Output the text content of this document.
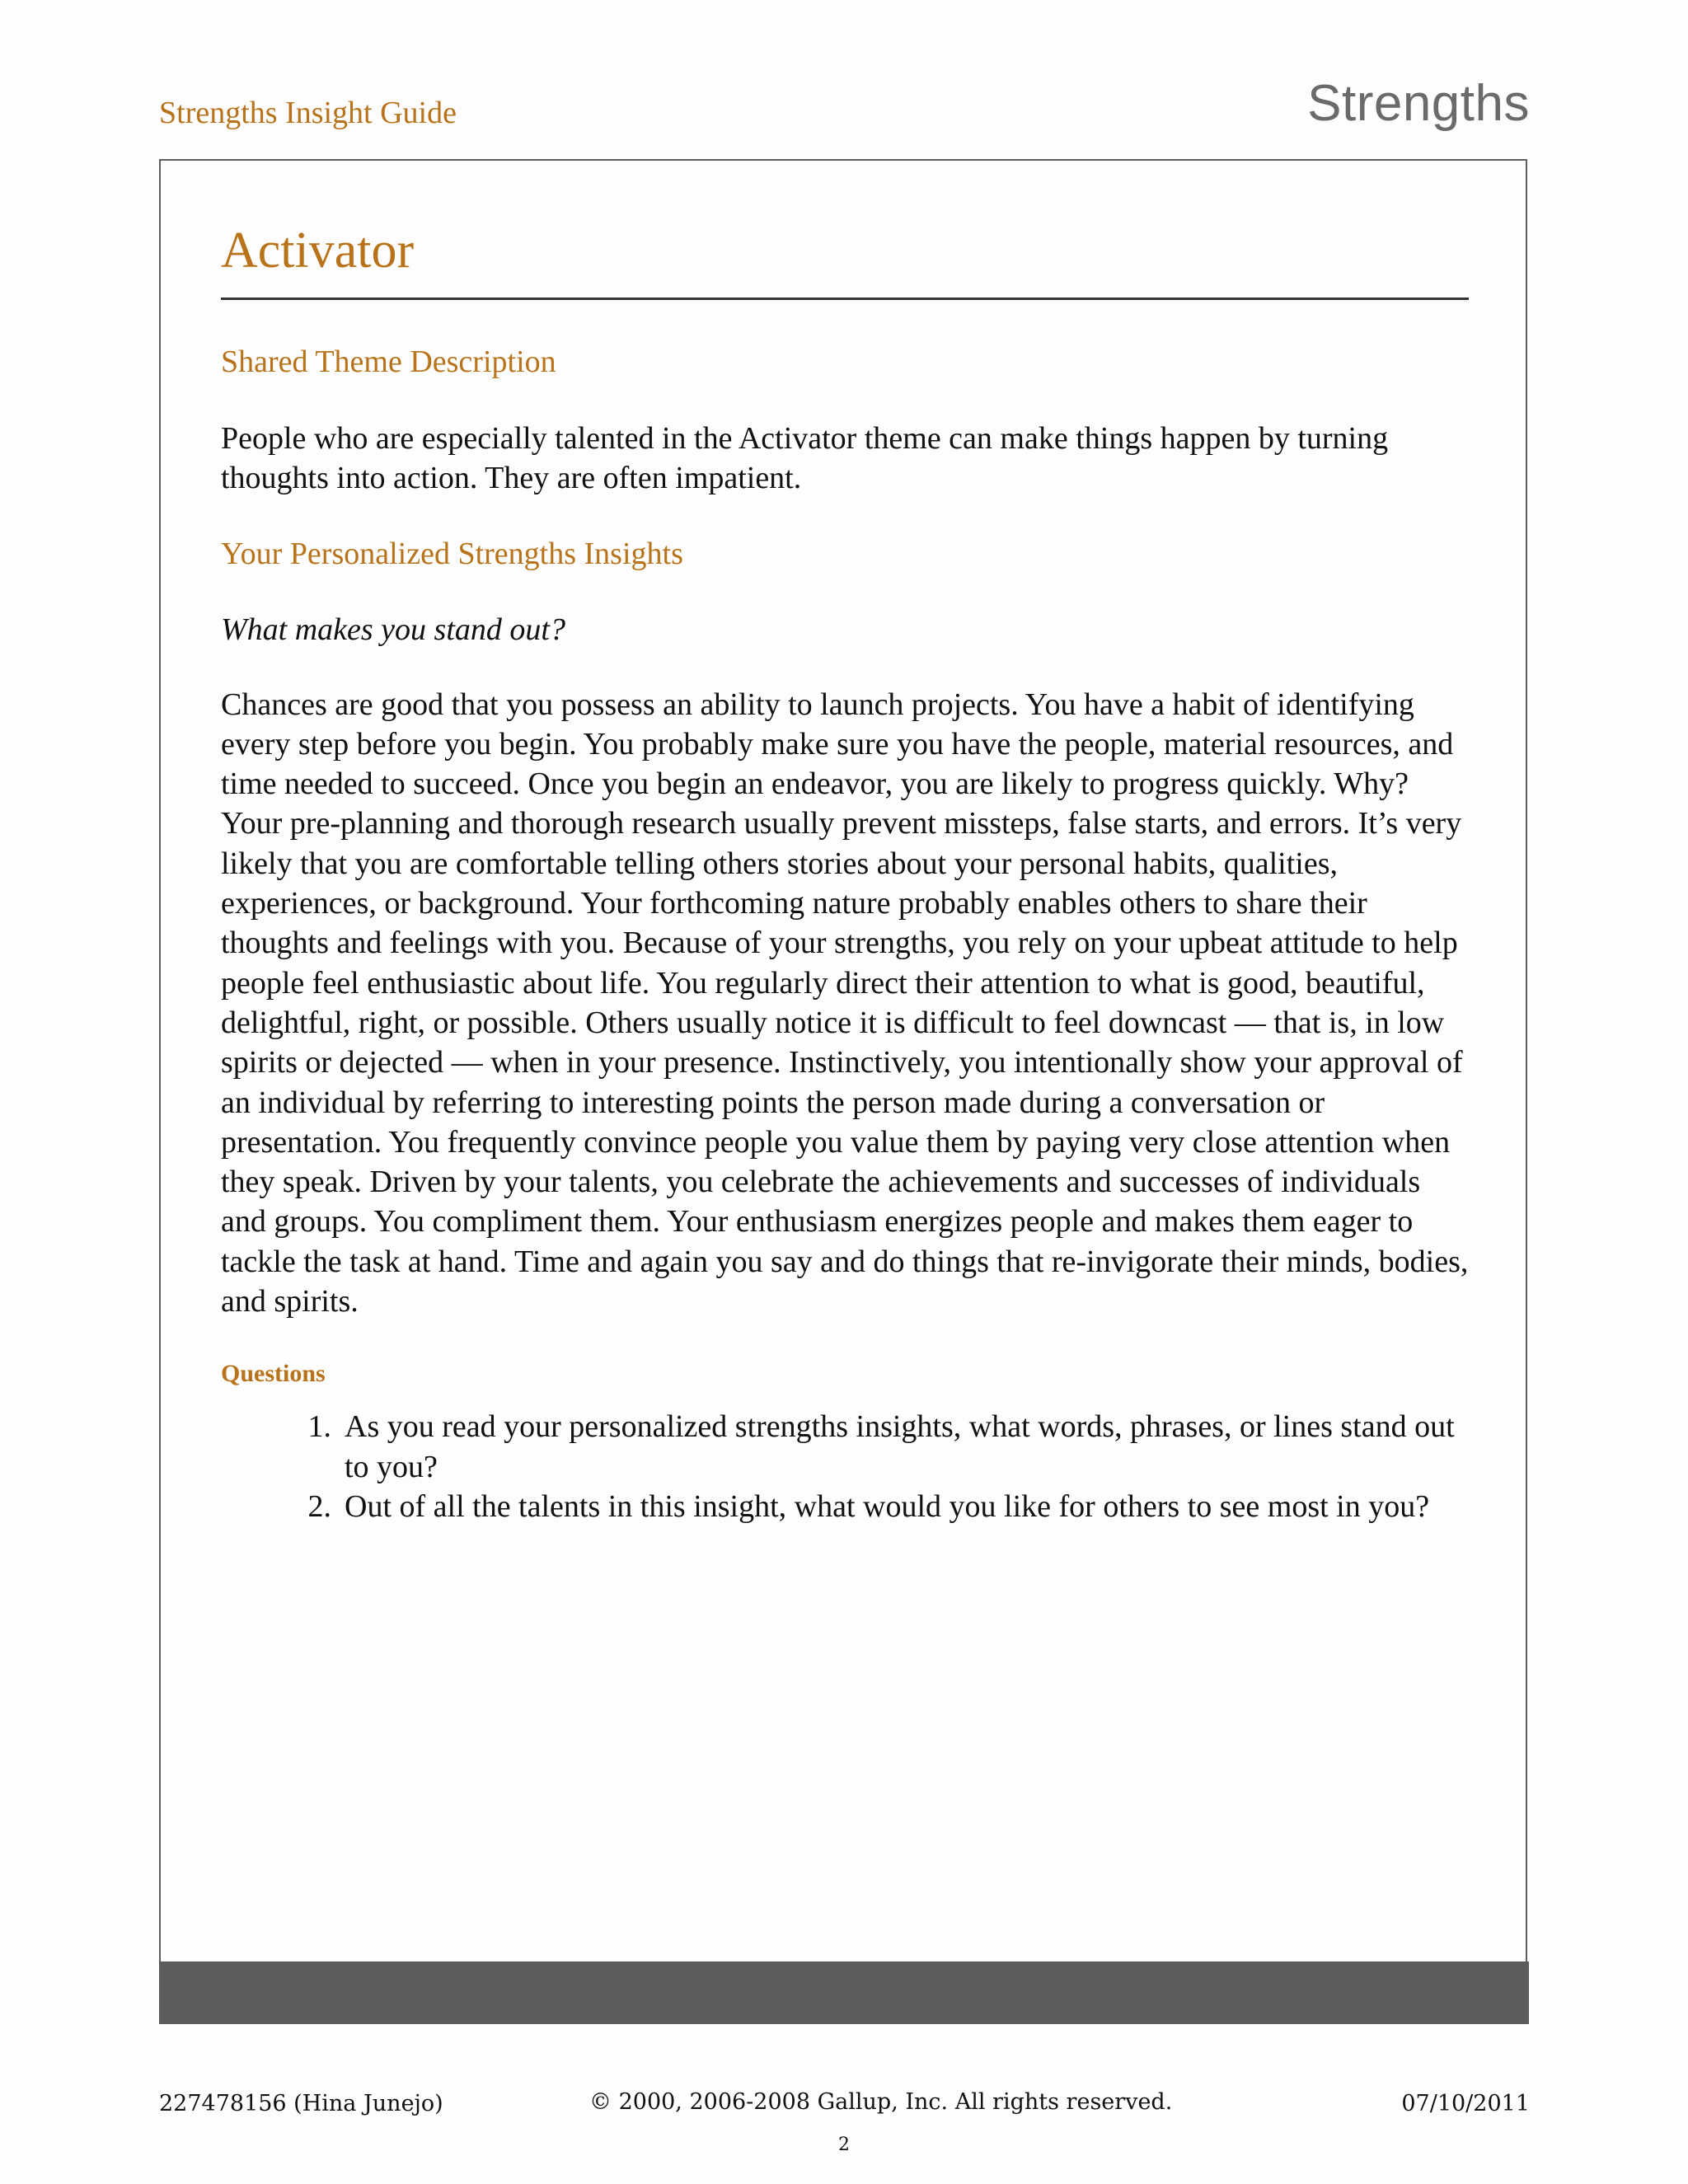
Strengths Insight Guide	Strengths
Activator
Shared Theme Description

People who are especially talented in the Activator theme can make things happen by turning thoughts into action. They are often impatient.

Your Personalized Strengths Insights

What makes you stand out?

Chances are good that you possess an ability to launch projects. You have a habit of identifying every step before you begin. You probably make sure you have the people, material resources, and time needed to succeed. Once you begin an endeavor, you are likely to progress quickly. Why? Your pre-planning and thorough research usually prevent missteps, false starts, and errors. It’s very likely that you are comfortable telling others stories about your personal habits, qualities, experiences, or background. Your forthcoming nature probably enables others to share their thoughts and feelings with you. Because of your strengths, you rely on your upbeat attitude to help people feel enthusiastic about life. You regularly direct their attention to what is good, beautiful, delightful, right, or possible. Others usually notice it is difficult to feel downcast — that is, in low spirits or dejected — when in your presence. Instinctively, you intentionally show your approval of an individual by referring to interesting points the person made during a conversation or presentation. You frequently convince people you value them by paying very close attention when they speak. Driven by your talents, you celebrate the achievements and successes of individuals and groups. You compliment them. Your enthusiasm energizes people and makes them eager to tackle the task at hand. Time and again you say and do things that re-invigorate their minds, bodies, and spirits.

Questions
1. As you read your personalized strengths insights, what words, phrases, or lines stand out to you?
2. Out of all the talents in this insight, what would you like for others to see most in you?
227478156 (Hina Junejo)	© 2000, 2006-2008 Gallup, Inc. All rights reserved.	07/10/2011
2
